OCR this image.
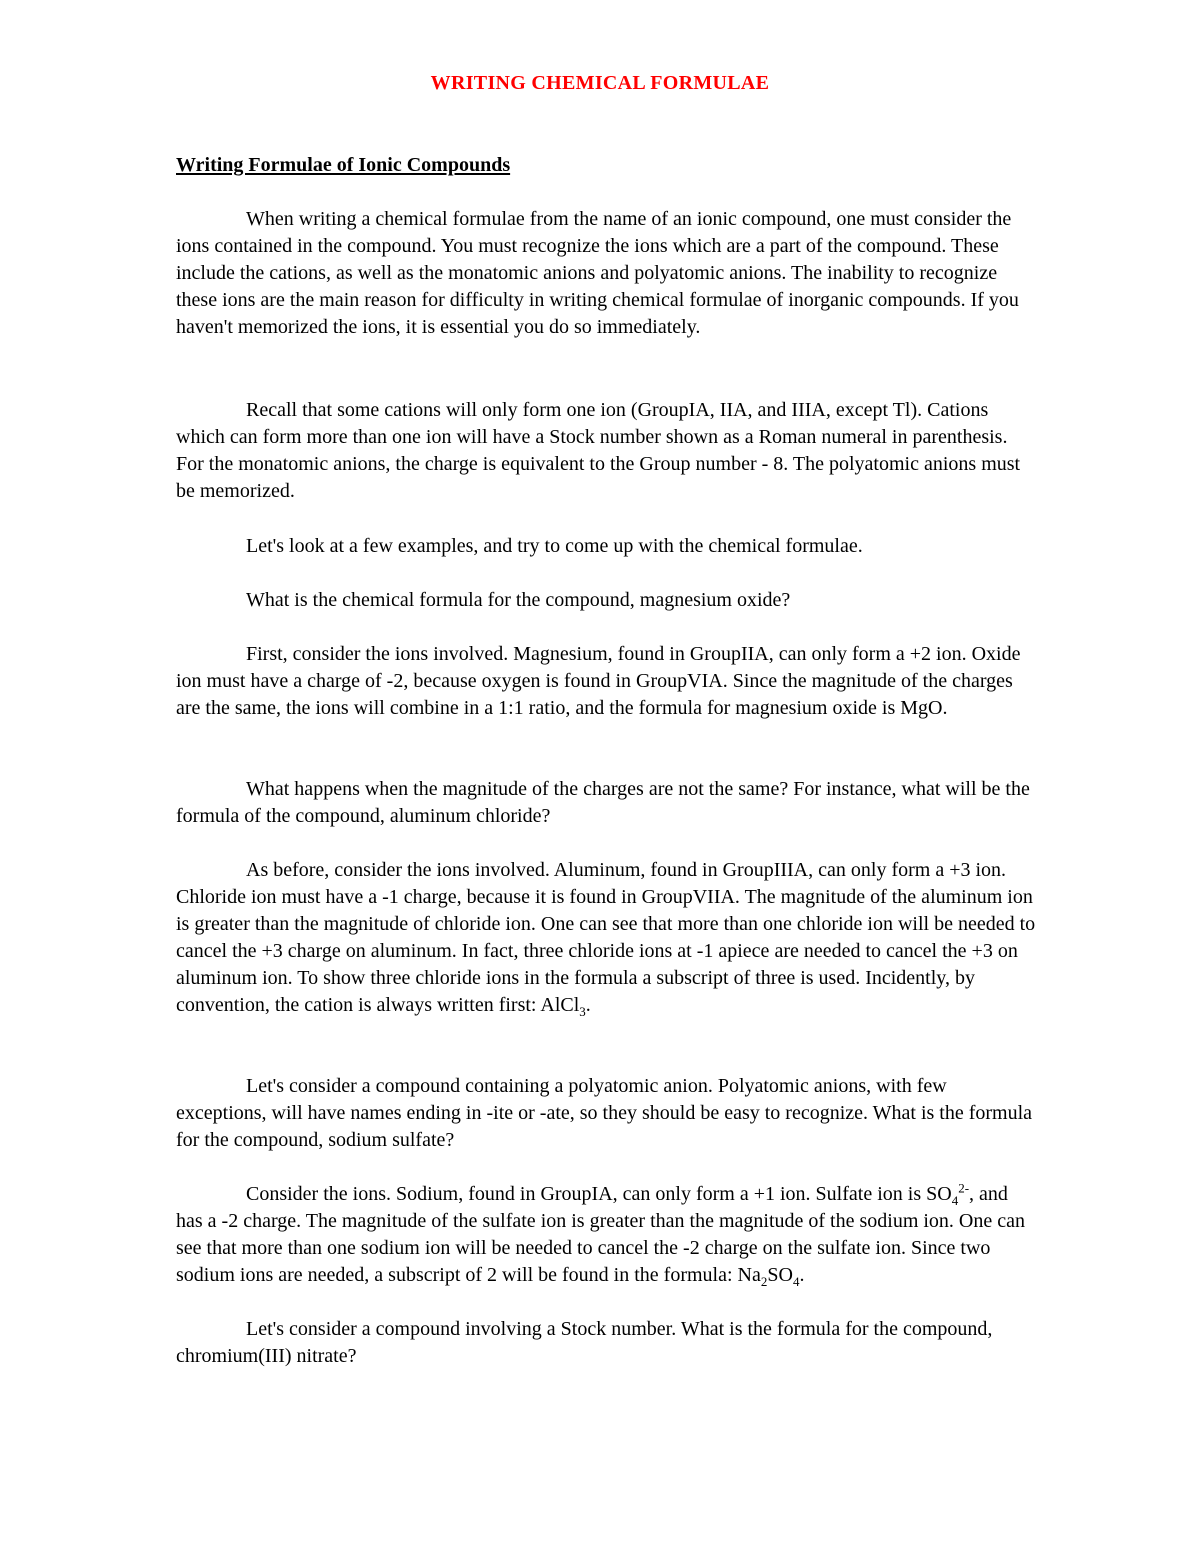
WRITING CHEMICAL FORMULAE
Writing Formulae of Ionic Compounds

When writing a chemical formulae from the name of an ionic compound, one must consider the ions contained in the compound. You must recognize the ions which are a part of the compound. These include the cations, as well as the monatomic anions and polyatomic anions. The inability to recognize these ions are the main reason for difficulty in writing chemical formulae of inorganic compounds. If you haven't memorized the ions, it is essential you do so immediately.

Recall that some cations will only form one ion (GroupIA, IIA, and IIIA, except Tl). Cations which can form more than one ion will have a Stock number shown as a Roman numeral in parenthesis. For the monatomic anions, the charge is equivalent to the Group number - 8. The polyatomic anions must be memorized.

Let's look at a few examples, and try to come up with the chemical formulae.

What is the chemical formula for the compound, magnesium oxide?

First, consider the ions involved. Magnesium, found in GroupIIA, can only form a +2 ion. Oxide ion must have a charge of -2, because oxygen is found in GroupVIA. Since the magnitude of the charges are the same, the ions will combine in a 1:1 ratio, and the formula for magnesium oxide is MgO.

What happens when the magnitude of the charges are not the same? For instance, what will be the formula of the compound, aluminum chloride?

As before, consider the ions involved. Aluminum, found in GroupIIIA, can only form a +3 ion. Chloride ion must have a -1 charge, because it is found in GroupVIIA. The magnitude of the aluminum ion is greater than the magnitude of chloride ion. One can see that more than one chloride ion will be needed to cancel the +3 charge on aluminum. In fact, three chloride ions at -1 apiece are needed to cancel the +3 on aluminum ion. To show three chloride ions in the formula a subscript of three is used. Incidently, by convention, the cation is always written first: AlCl$_3$.

Let's consider a compound containing a polyatomic anion. Polyatomic anions, with few exceptions, will have names ending in -ite or -ate, so they should be easy to recognize. What is the formula for the compound, sodium sulfate?

Consider the ions. Sodium, found in GroupIA, can only form a +1 ion. Sulfate ion is $SO_4^{2-}$, and has a -2 charge. The magnitude of the sulfate ion is greater than the magnitude of the sodium ion. One can see that more than one sodium ion will be needed to cancel the -2 charge on the sulfate ion. Since two sodium ions are needed, a subscript of 2 will be found in the formula: $Na_2SO_4$.

Let's consider a compound involving a Stock number. What is the formula for the compound, chromium(III) nitrate?
